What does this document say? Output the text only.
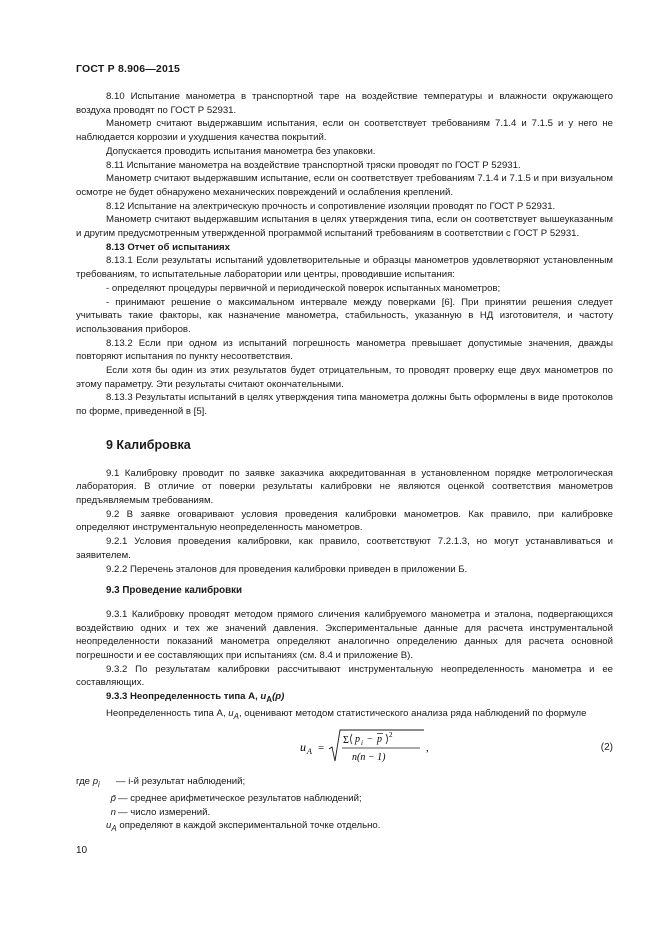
ГОСТ Р 8.906—2015

8.10 Испытание манометра в транспортной таре на воздействие температуры и влажности окружающего воздуха проводят по ГОСТ Р 52931.

Манометр считают выдержавшим испытания, если он соответствует требованиям 7.1.4 и 7.1.5 и у него не наблюдается коррозии и ухудшения качества покрытий.

Допускается проводить испытания манометра без упаковки.

8.11 Испытание манометра на воздействие транспортной тряски проводят по ГОСТ Р 52931.

Манометр считают выдержавшим испытание, если он соответствует требованиям 7.1.4 и 7.1.5 и при визуальном осмотре не будет обнаружено механических повреждений и ослабления креплений.

8.12 Испытание на электрическую прочность и сопротивление изоляции проводят по ГОСТ Р 52931.

Манометр считают выдержавшим испытания в целях утверждения типа, если он соответствует вышеуказанным и другим предусмотренным утвержденной программой испытаний требованиям в соответствии с ГОСТ Р 52931.

8.13 Отчет об испытаниях

8.13.1 Если результаты испытаний удовлетворительные и образцы манометров удовлетворяют установленным требованиям, то испытательные лаборатории или центры, проводившие испытания:

- определяют процедуры первичной и периодической поверок испытанных манометров;

- принимают решение о максимальном интервале между поверками [6]. При принятии решения следует учитывать такие факторы, как назначение манометра, стабильность, указанную в НД изготовителя, и частоту использования приборов.

8.13.2 Если при одном из испытаний погрешность манометра превышает допустимые значения, дважды повторяют испытания по пункту несоответствия.

Если хотя бы один из этих результатов будет отрицательным, то проводят проверку еще двух манометров по этому параметру. Эти результаты считают окончательными.

8.13.3 Результаты испытаний в целях утверждения типа манометра должны быть оформлены в виде протоколов по форме, приведенной в [5].

9 Калибровка

9.1 Калибровку проводит по заявке заказчика аккредитованная в установленном порядке метрологическая лаборатория. В отличие от поверки результаты калибровки не являются оценкой соответствия манометров предъявляемым требованиям.

9.2 В заявке оговаривают условия проведения калибровки манометров. Как правило, при калибровке определяют инструментальную неопределенность манометров.

9.2.1 Условия проведения калибровки, как правило, соответствуют 7.2.1.3, но могут устанавливаться и заявителем.

9.2.2 Перечень эталонов для проведения калибровки приведен в приложении Б.

9.3 Проведение калибровки

9.3.1 Калибровку проводят методом прямого сличения калибруемого манометра и эталона, подвергающихся воздействию одних и тех же значений давления. Экспериментальные данные для расчета инструментальной неопределенности показаний манометра определяют аналогично определению данных для расчета основной погрешности и ее составляющих при испытаниях (см. 8.4 и приложение В).

9.3.2 По результатам калибровки рассчитывают инструментальную неопределенность манометра и ее составляющих.

9.3.3 Неопределенность типа А, $u_A(p)$

Неопределенность типа А, $u_A$, оценивают методом статистического анализа ряда наблюдений по формуле

u A =
Σ p i − p 2
n(n − 1)
,	(2)
где $p_i$	— i-й результат наблюдений;
p̄ — среднее арифметическое результатов наблюдений;
n — число измерений.

$u_A$ определяют в каждой экспериментальной точке отдельно.

10
